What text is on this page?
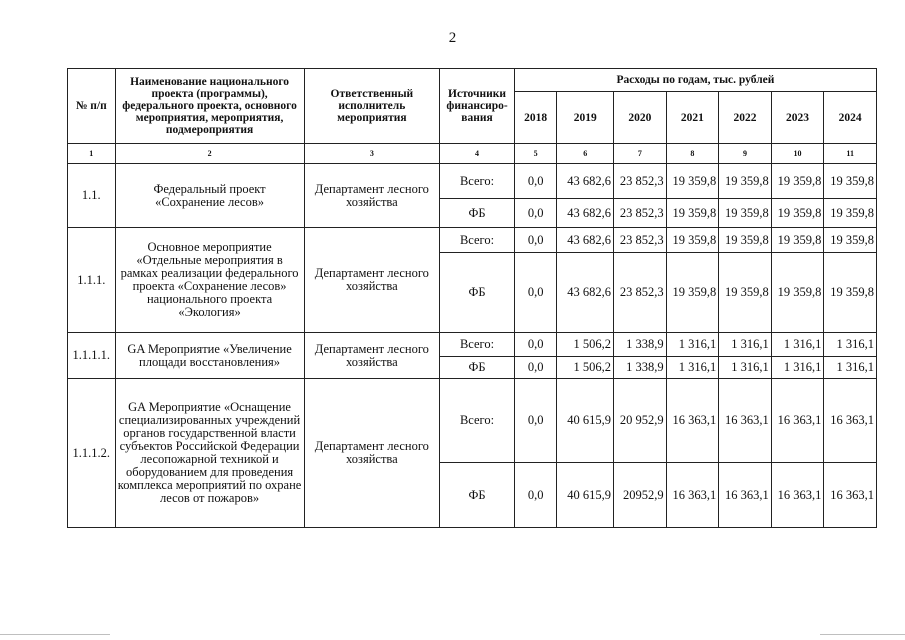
2
№ п/п	Наименование национального проекта (программы), федерального проекта, основного мероприятия, мероприятия, подмероприятия	Ответственный исполнитель мероприятия	Источники финансиро-вания	Расходы по годам, тыс. рублей						
				2018	2019	2020	2021	2022	2023	2024
1	2	3	4	5	6	7	8	9	10	11
1.1.	Федеральный проект «Сохранение лесов»	Департамент лесного хозяйства	Всего:	0,0	43 682,6	23 852,3	19 359,8	19 359,8	19 359,8	19 359,8
			ФБ	0,0	43 682,6	23 852,3	19 359,8	19 359,8	19 359,8	19 359,8
1.1.1.	Основное мероприятие «Отдельные мероприятия в рамках реализации федерального проекта «Сохранение лесов» национального проекта «Экология»	Департамент лесного хозяйства	Всего:	0,0	43 682,6	23 852,3	19 359,8	19 359,8	19 359,8	19 359,8
			ФБ	0,0	43 682,6	23 852,3	19 359,8	19 359,8	19 359,8	19 359,8
1.1.1.1.	GA Мероприятие «Увеличение площади восстановления»	Департамент лесного хозяйства	Всего:	0,0	1 506,2	1 338,9	1 316,1	1 316,1	1 316,1	1 316,1
			ФБ	0,0	1 506,2	1 338,9	1 316,1	1 316,1	1 316,1	1 316,1
1.1.1.2.	GA Мероприятие «Оснащение специализированных учреждений органов государственной власти субъектов Российской Федерации лесопожарной техникой и оборудованием для проведения комплекса мероприятий по охране лесов от пожаров»	Департамент лесного хозяйства	Всего:	0,0	40 615,9	20 952,9	16 363,1	16 363,1	16 363,1	16 363,1
			ФБ	0,0	40 615,9	20952,9	16 363,1	16 363,1	16 363,1	16 363,1
